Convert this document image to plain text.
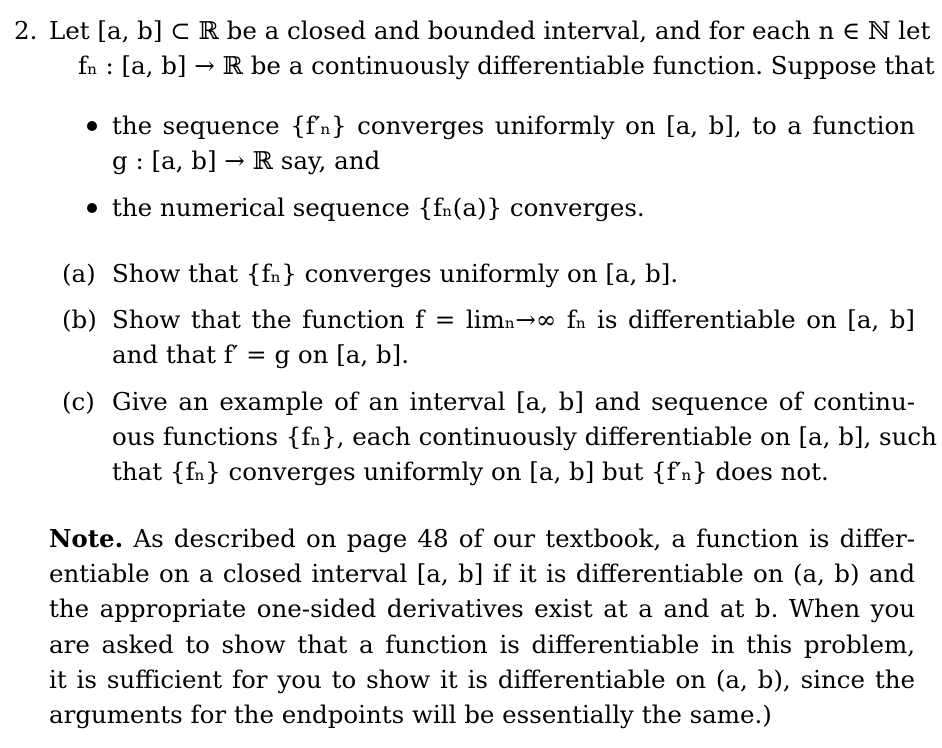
2. Let [a, b] ⊂ ℝ be a closed and bounded interval, and for each n ∈ ℕ let
fₙ : [a, b] → ℝ be a continuously differentiable function. Suppose that
the sequence {f′ₙ} converges uniformly on [a, b], to a function
g : [a, b] → ℝ say, and
the numerical sequence {fₙ(a)} converges.
(a) Show that {fₙ} converges uniformly on [a, b].
(b) Show that the function f = limₙ→∞ fₙ is differentiable on [a, b]
and that f′ = g on [a, b].
(c) Give an example of an interval [a, b] and sequence of continu-
ous functions {fₙ}, each continuously differentiable on [a, b], such
that {fₙ} converges uniformly on [a, b] but {f′ₙ} does not.
Note. As described on page 48 of our textbook, a function is differ-
entiable on a closed interval [a, b] if it is differentiable on (a, b) and
the appropriate one-sided derivatives exist at a and at b. When you
are asked to show that a function is differentiable in this problem,
it is sufficient for you to show it is differentiable on (a, b), since the
arguments for the endpoints will be essentially the same.)
